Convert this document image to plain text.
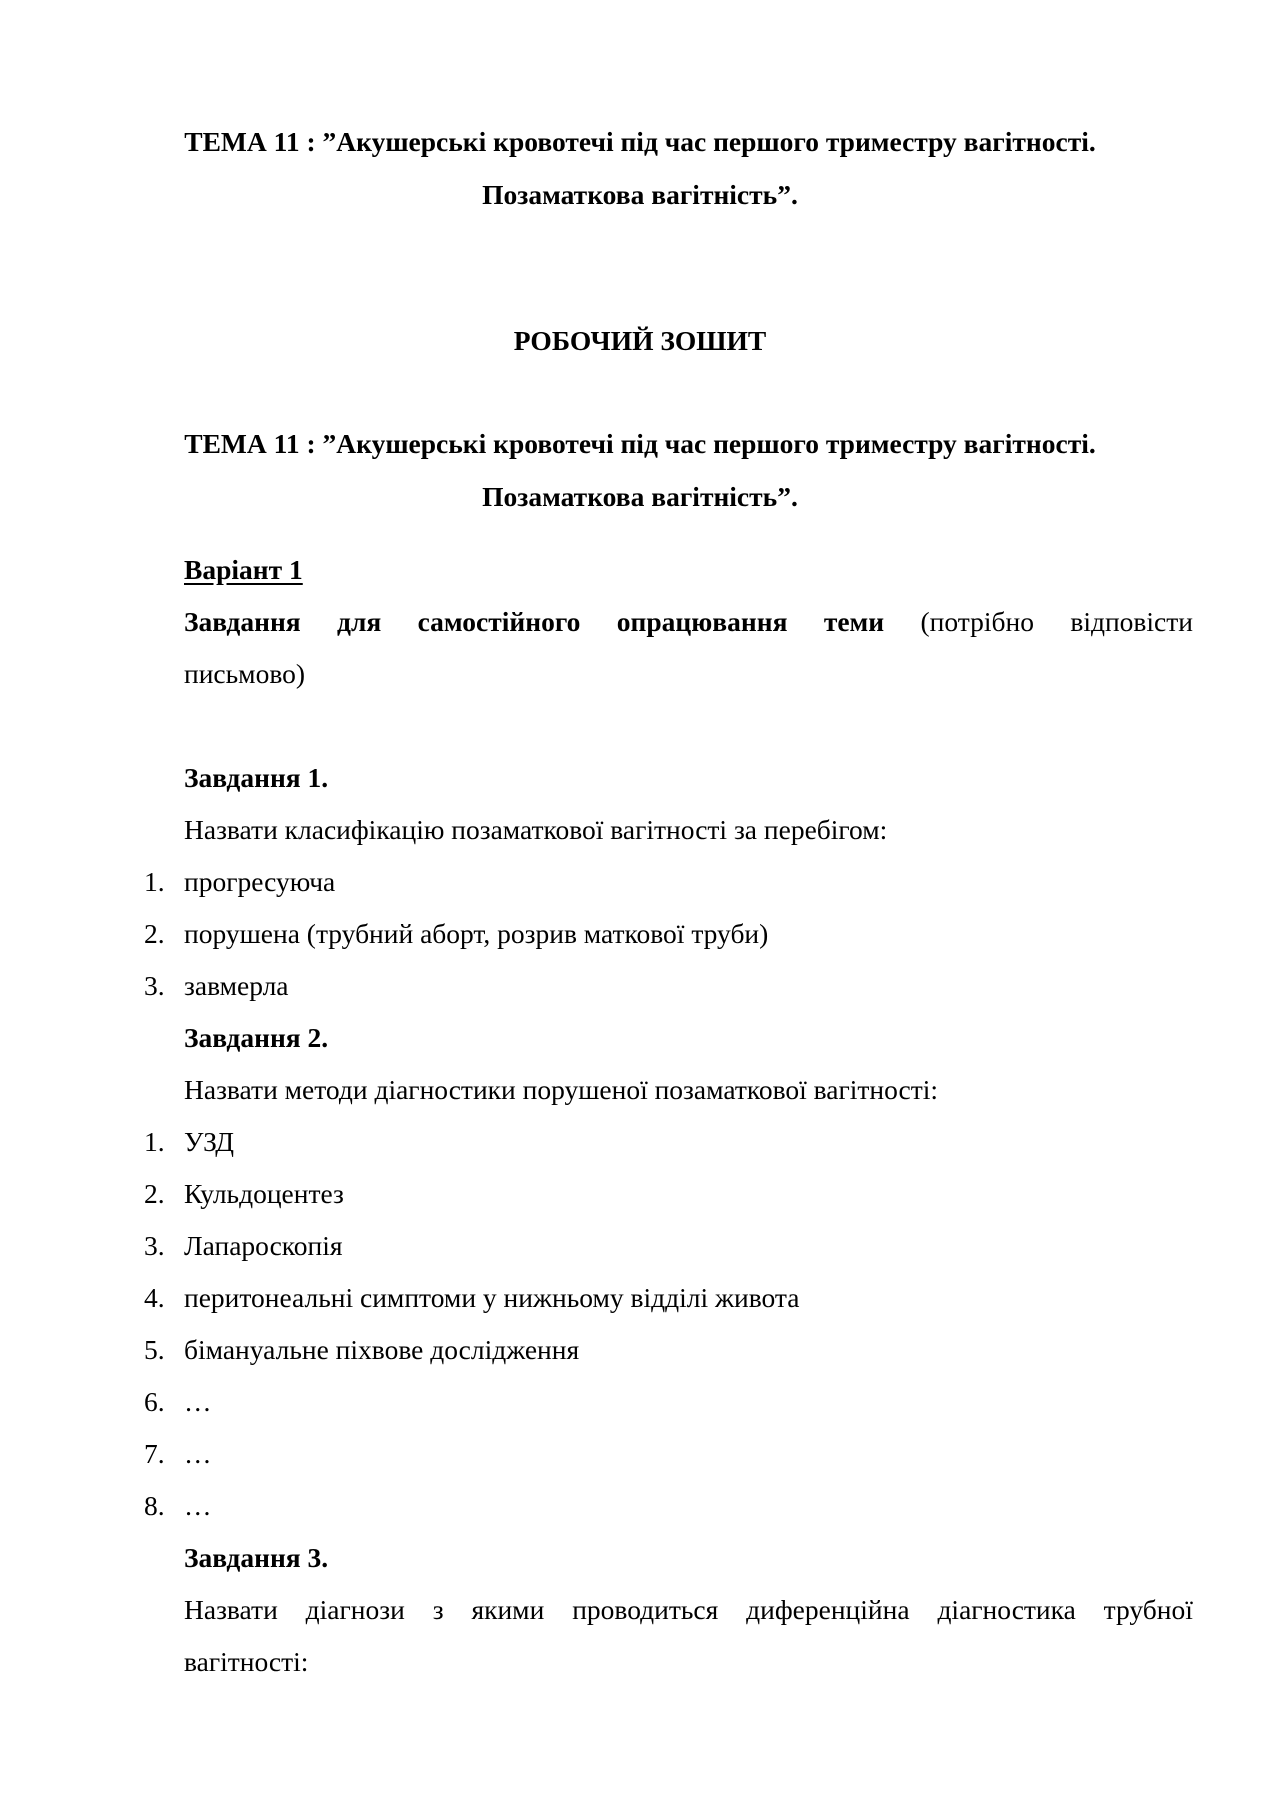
ТЕМА 11 : ”Акушерські кровотечі під час першого триместру вагітності.
Позаматкова вагітність”.
РОБОЧИЙ ЗОШИТ
ТЕМА 11 : ”Акушерські кровотечі під час першого триместру вагітності.
Позаматкова вагітність”.
Варіант 1
Завдання для самостійного опрацювання теми (потрібно відповісти
письмово)
Завдання 1.
Назвати класифікацію позаматкової вагітності за перебігом:
1. прогресуюча
2. порушена (трубний аборт, розрив маткової труби)
3. завмерла
Завдання 2.
Назвати методи діагностики порушеної позаматкової вагітності:
1. УЗД
2. Кульдоцентез
3. Лапароскопія
4. перитонеальні симптоми у нижньому відділі живота
5. бімануальне піхвове дослідження
6. …
7. …
8. …
Завдання 3.
Назвати діагнози з якими проводиться диференційна діагностика трубної
вагітності:
